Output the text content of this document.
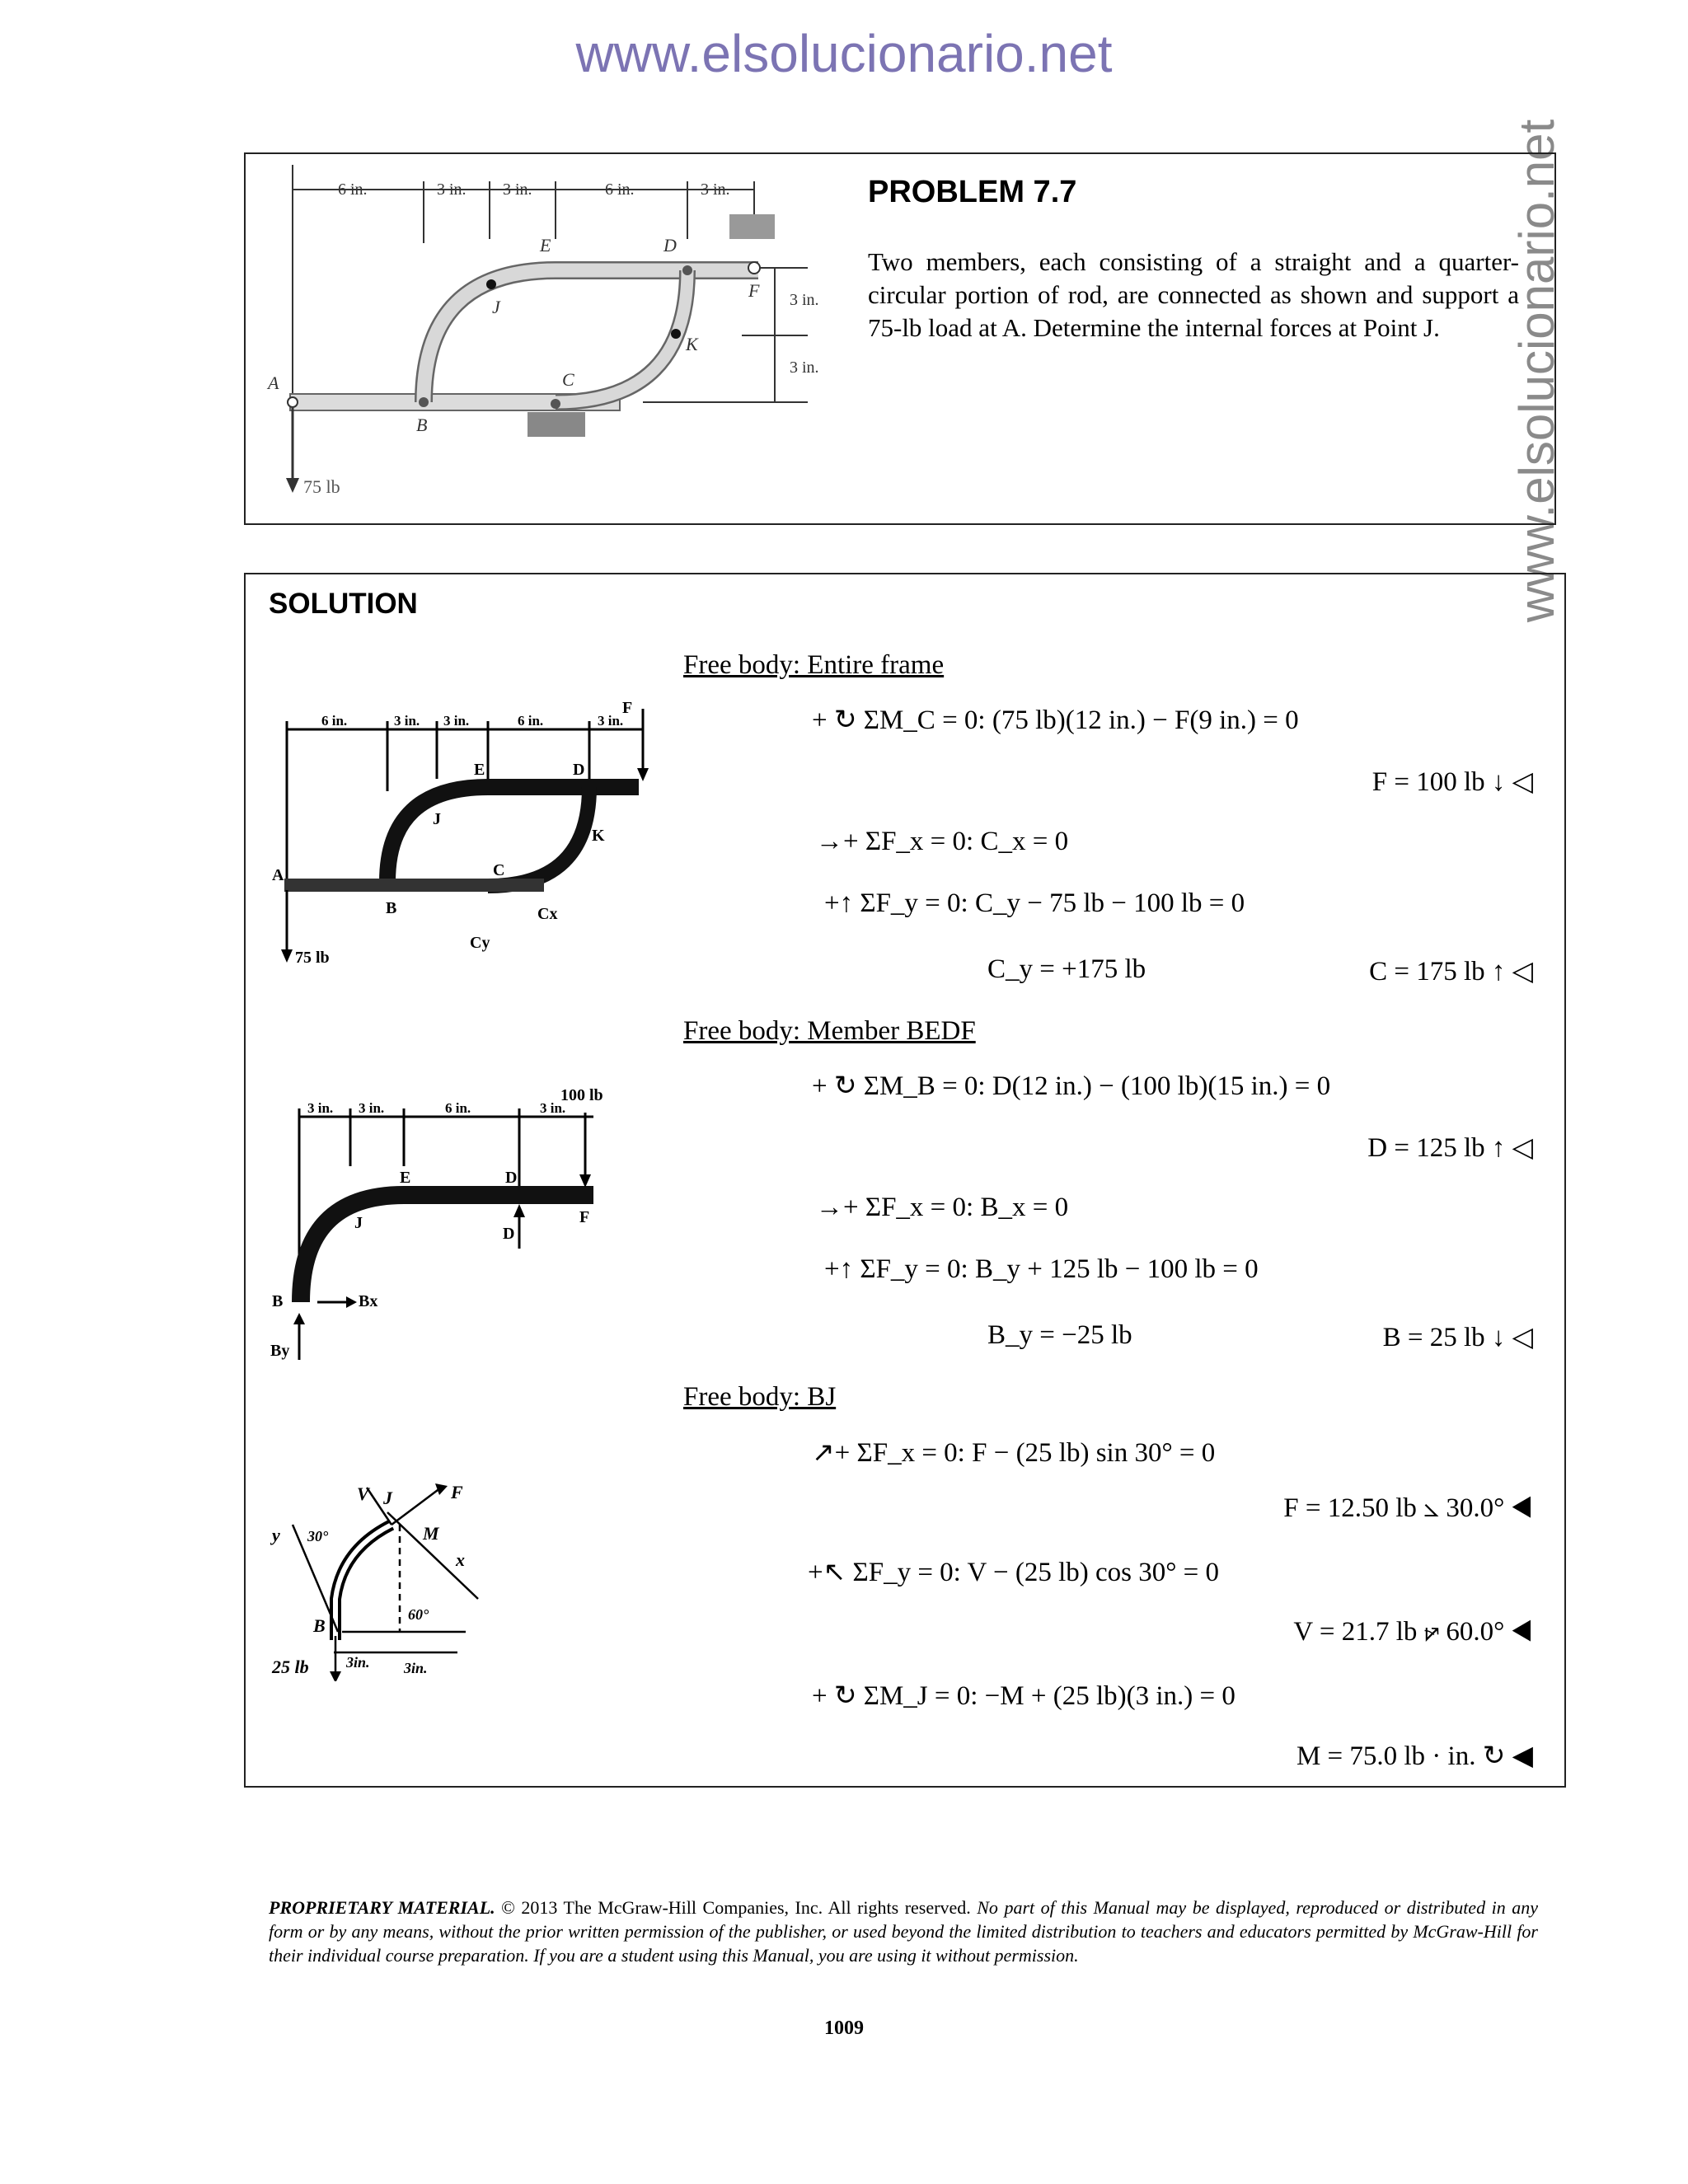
www.elsolucionario.net
www.elsolucionario.net
6 in.	3 in. 3 in.	6 in.	3 in.
3 in.
3 in.
A
B
C
D
E
F
J
K
75 lb
PROBLEM 7.7
Two members, each consisting of a straight and a quarter-circular portion of rod, are connected as shown and support a 75-lb load at A. Determine the internal forces at Point J.
SOLUTION
6 in.	3 in. 3 in.	6 in.	3 in.
F
E	D
J
K
A
B
C
Cx
Cy
75 lb
3 in. 3 in.	6 in.	3 in.
100 lb
E	D
J	F
D
B	Bx
By
V J	F
M
x
y 30°
60°
B
25 lb	3in. 3in.
Free body: Entire frame
+ ↻ ΣM_C = 0: (75 lb)(12 in.) − F(9 in.) = 0
F = 100 lb ↓ ◁
→+ ΣF_x = 0: C_x = 0
+↑ ΣF_y = 0: C_y − 75 lb − 100 lb = 0
C_y = +175 lb	C = 175 lb ↑ ◁
Free body: Member BEDF
+ ↻ ΣM_B = 0: D(12 in.) − (100 lb)(15 in.) = 0
D = 125 lb ↑ ◁
→+ ΣF_x = 0: B_x = 0
+↑ ΣF_y = 0: B_y + 125 lb − 100 lb = 0
B_y = −25 lb	B = 25 lb ↓ ◁
Free body: BJ
↗+ ΣF_x = 0: F − (25 lb) sin 30° = 0
F = 12.50 lb ⦣ 30.0° ◀
+↖ ΣF_y = 0: V − (25 lb) cos 30° = 0
V = 21.7 lb ⦬ 60.0° ◀
+ ↻ ΣM_J = 0: −M + (25 lb)(3 in.) = 0
M = 75.0 lb · in. ↻ ◀
PROPRIETARY MATERIAL. © 2013 The McGraw-Hill Companies, Inc. All rights reserved. No part of this Manual may be displayed, reproduced or distributed in any form or by any means, without the prior written permission of the publisher, or used beyond the limited distribution to teachers and educators permitted by McGraw-Hill for their individual course preparation. If you are a student using this Manual, you are using it without permission.
1009
